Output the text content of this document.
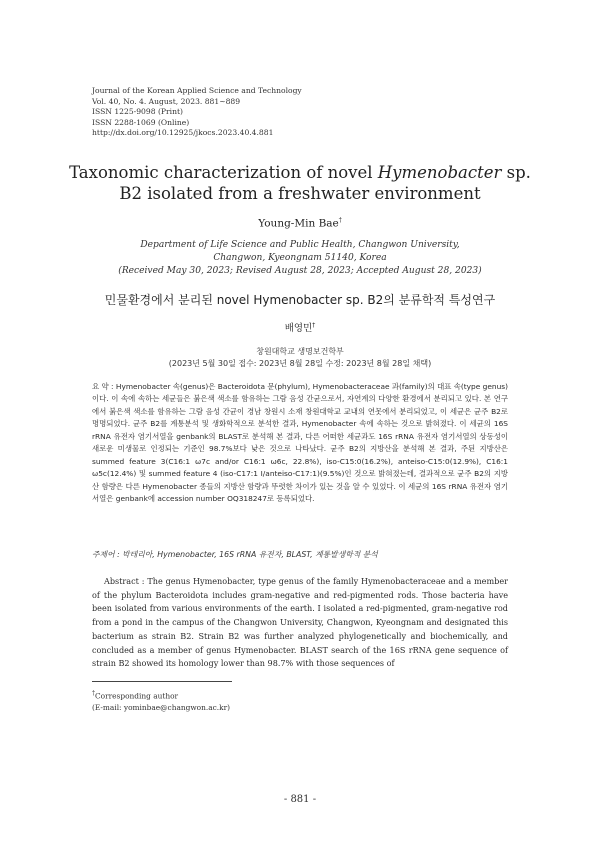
Journal of the Korean Applied Science and Technology
Vol. 40, No. 4. August, 2023. 881~889
ISSN 1225-9098 (Print)
ISSN 2288-1069 (Online)
http://dx.doi.org/10.12925/jkocs.2023.40.4.881
Taxonomic characterization of novel Hymenobacter sp.
B2 isolated from a freshwater environment
Young-Min Bae†
Department of Life Science and Public Health, Changwon University,
Changwon, Kyeongnam 51140, Korea
(Received May 30, 2023; Revised August 28, 2023; Accepted August 28, 2023)
민물환경에서 분리된 novel Hymenobacter sp. B2의 분류학적 특성연구
배영민†
창원대학교 생명보건학부
(2023년 5월 30일 접수: 2023년 8월 28일 수정: 2023년 8월 28일 채택)
요 약 : Hymenobacter 속(genus)은 Bacteroidota 문(phylum), Hymenobacteraceae 과(family)의 대표 속(type genus)이다. 이 속에 속하는 세균들은 붉은색 색소를 함유하는 그람 음성 간균으로서, 자연계의 다양한 환경에서 분리되고 있다. 본 연구에서 붉은색 색소를 함유하는 그람 음성 간균이 경남 창원시 소재 창원대학교 교내의 연못에서 분리되었고, 이 세균은 균주 B2로 명명되었다. 균주 B2를 계통분석 및 생화학적으로 분석한 결과, Hymenobacter 속에 속하는 것으로 밝혀졌다. 이 세균의 16S rRNA 유전자 염기서열을 genbank의 BLAST로 분석해 본 결과, 다른 어떠한 세균과도 16S rRNA 유전자 염기서열의 상동성이 새로운 미생물로 인정되는 기준인 98.7%보다 낮은 것으로 나타났다. 균주 B2의 지방산을 분석해 본 결과, 주된 지방산은 summed feature 3(C16:1 ω7c and/or C16:1 ω6c, 22.8%), iso-C15:0(16.2%), anteiso-C15:0(12.9%), C16:1 ω5c(12.4%) 및 summed feature 4 (iso-C17:1 I/anteiso-C17:1)(9.5%)인 것으로 밝혀졌는데, 결과적으로 균주 B2의 지방산 함량은 다른 Hymenobacter 종들의 지방산 함량과 뚜렷한 차이가 있는 것을 알 수 있었다. 이 세균의 16S rRNA 유전자 염기서열은 genbank에 accession number OQ318247로 등록되었다.
주제어 : 박테리아, Hymenobacter, 16S rRNA 유전자, BLAST, 계통발생학적 분석
Abstract : The genus Hymenobacter, type genus of the family Hymenobacteraceae and a member of the phylum Bacteroidota includes gram-negative and red-pigmented rods. Those bacteria have been isolated from various environments of the earth. I isolated a red-pigmented, gram-negative rod from a pond in the campus of the Changwon University, Changwon, Kyeongnam and designated this bacterium as strain B2. Strain B2 was further analyzed phylogenetically and biochemically, and concluded as a member of genus Hymenobacter. BLAST search of the 16S rRNA gene sequence of strain B2 showed its homology lower than 98.7% with those sequences of
†Corresponding author
(E-mail: yominbae@changwon.ac.kr)
- 881 -
